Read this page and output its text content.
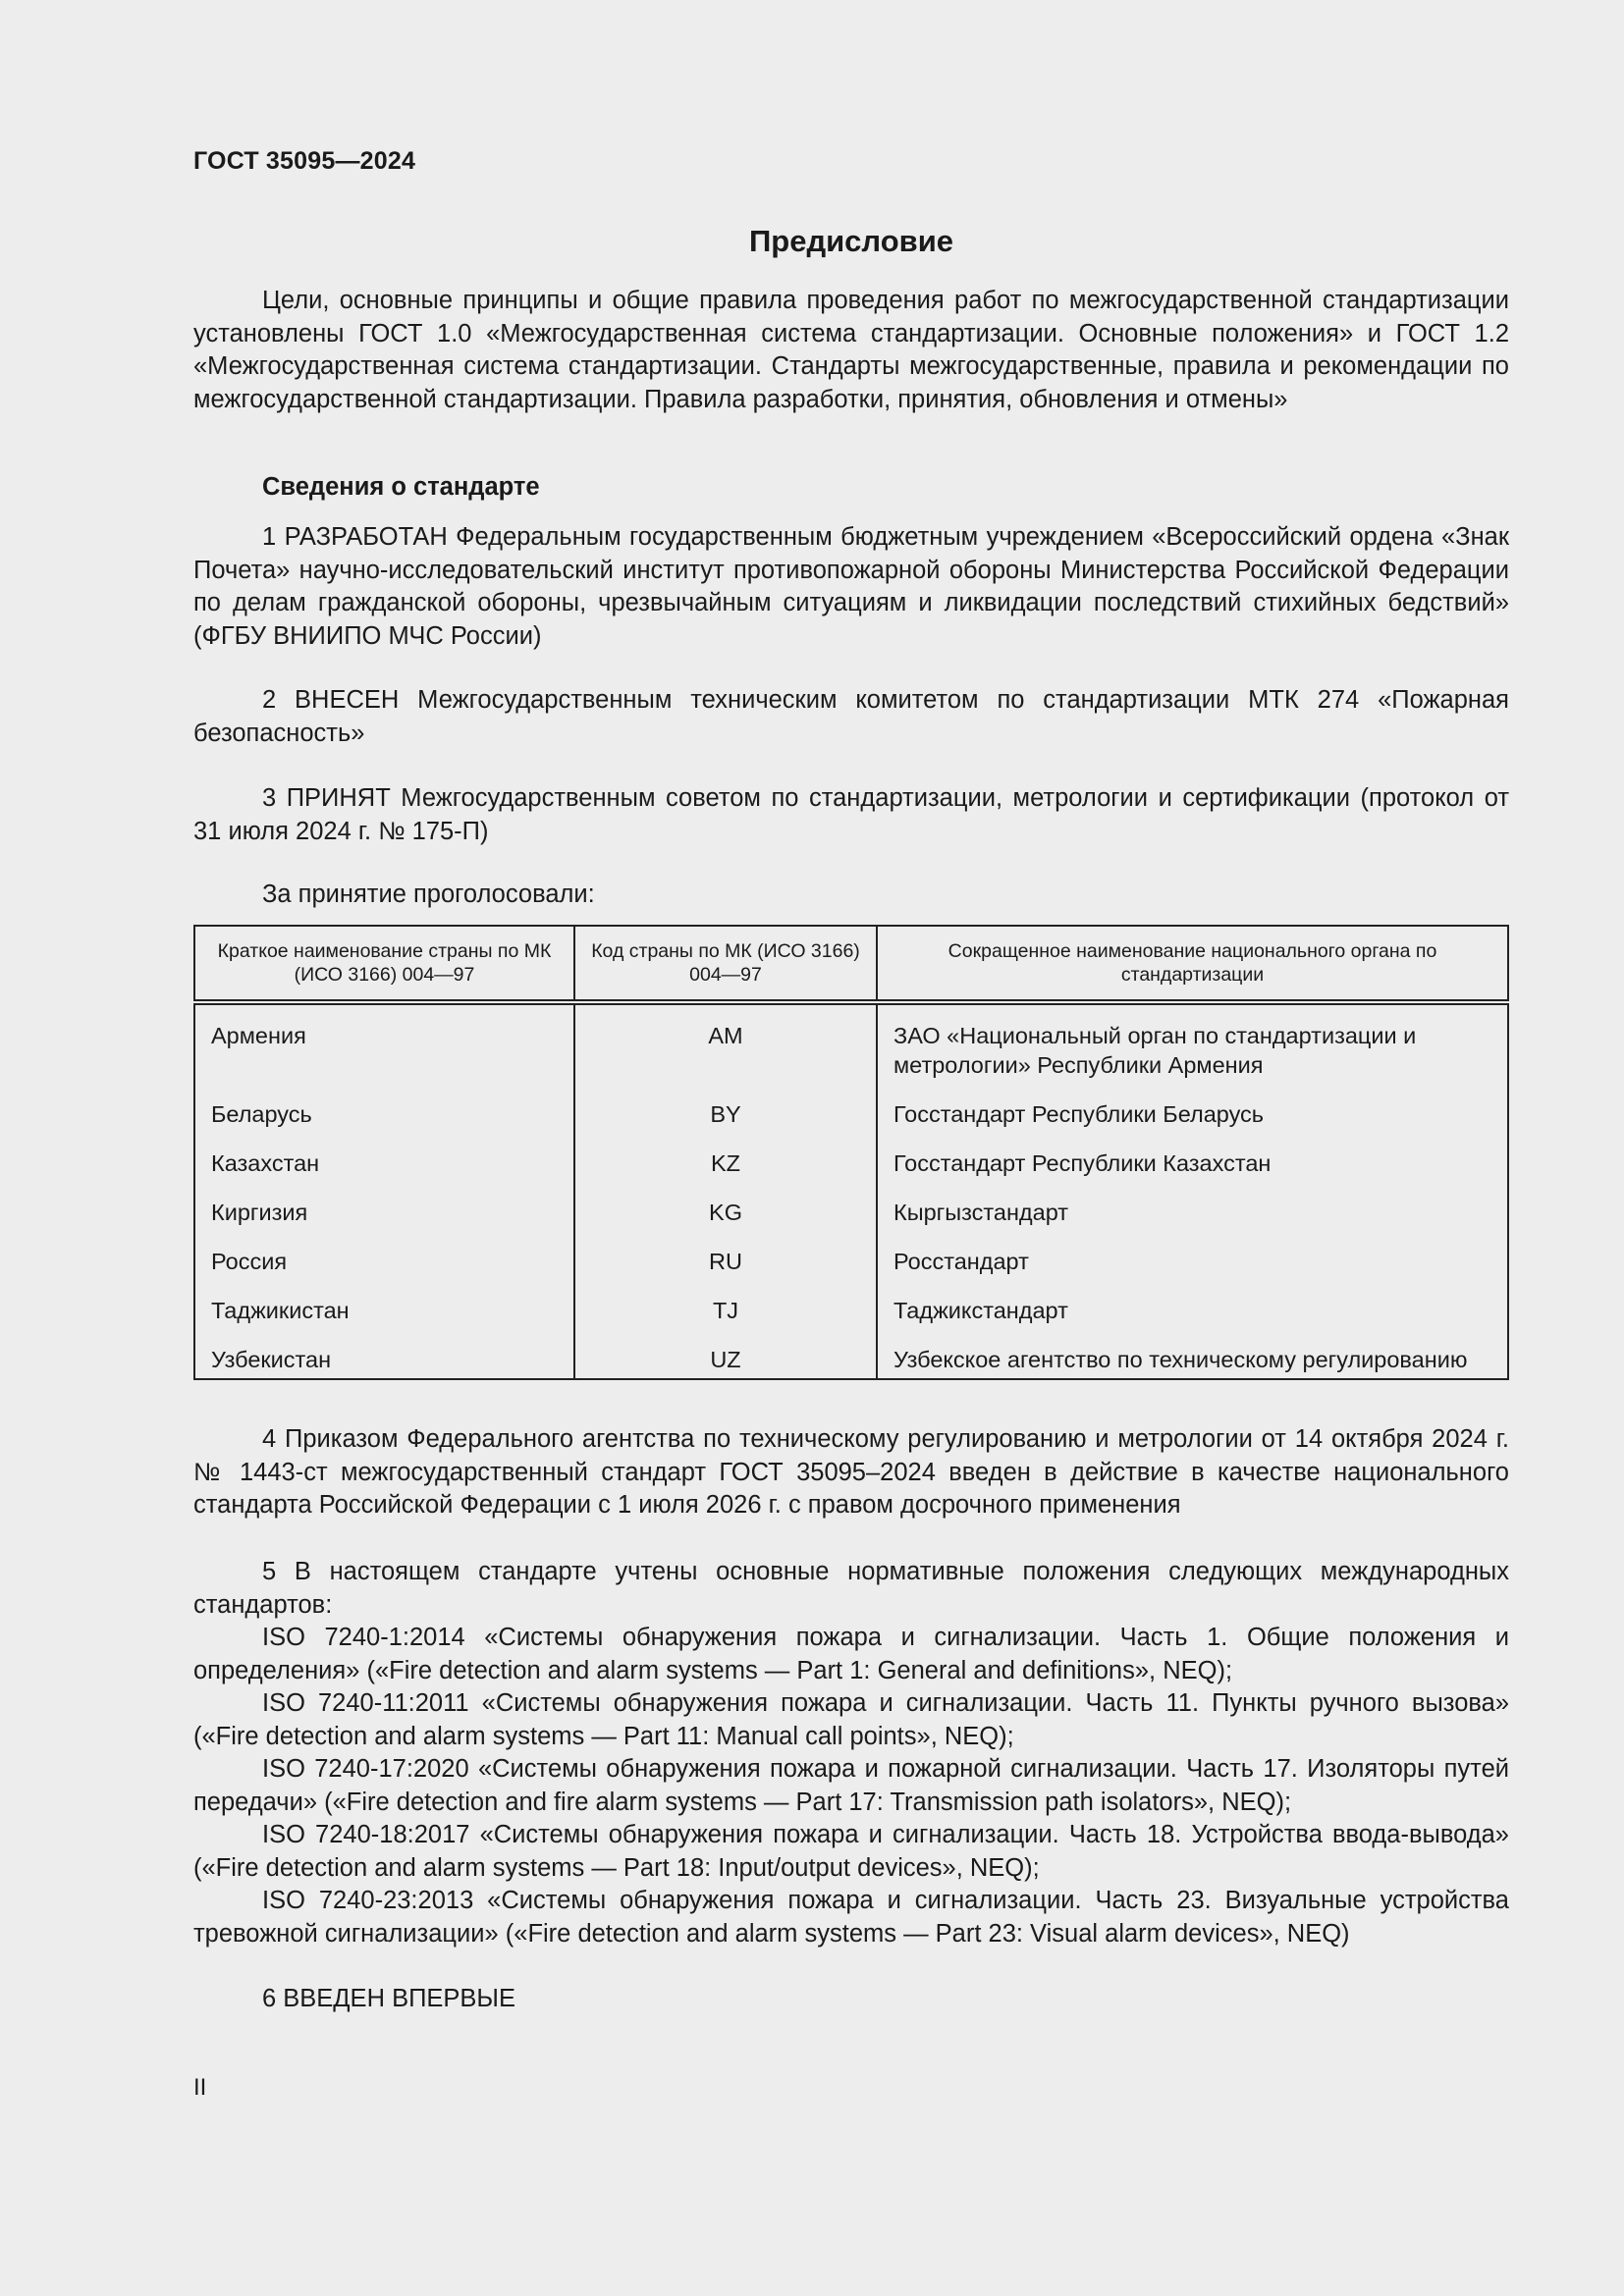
ГОСТ 35095—2024
Предисловие

Цели, основные принципы и общие правила проведения работ по межгосударственной стандартизации установлены ГОСТ 1.0 «Межгосударственная система стандартизации. Основные положения» и ГОСТ 1.2 «Межгосударственная система стандартизации. Стандарты межгосударственные, правила и рекомендации по межгосударственной стандартизации. Правила разработки, принятия, обновления и отмены»

Сведения о стандарте

1 РАЗРАБОТАН Федеральным государственным бюджетным учреждением «Всероссийский ордена «Знак Почета» научно-исследовательский институт противопожарной обороны Министерства Российской Федерации по делам гражданской обороны, чрезвычайным ситуациям и ликвидации последствий стихийных бедствий» (ФГБУ ВНИИПО МЧС России)

2 ВНЕСЕН Межгосударственным техническим комитетом по стандартизации МТК 274 «Пожарная безопасность»

3 ПРИНЯТ Межгосударственным советом по стандартизации, метрологии и сертификации (протокол от 31 июля 2024 г. № 175-П)

За принятие проголосовали:
Краткое наименование страны по МК (ИСО 3166) 004—97	Код страны по МК (ИСО 3166) 004—97	Сокращенное наименование национального органа по стандартизации
Армения	AM	ЗАО «Национальный орган по стандартизации и метрологии» Республики Армения
Беларусь	BY	Госстандарт Республики Беларусь
Казахстан	KZ	Госстандарт Республики Казахстан
Киргизия	KG	Кыргызстандарт
Россия	RU	Росстандарт
Таджикистан	TJ	Таджикстандарт
Узбекистан	UZ	Узбекское агентство по техническому регулированию

4 Приказом Федерального агентства по техническому регулированию и метрологии от 14 октября 2024 г. № 1443-ст межгосударственный стандарт ГОСТ 35095–2024 введен в действие в качестве национального стандарта Российской Федерации с 1 июля 2026 г. с правом досрочного применения

5 В настоящем стандарте учтены основные нормативные положения следующих международных стандартов:

ISO 7240-1:2014 «Системы обнаружения пожара и сигнализации. Часть 1. Общие положения и определения» («Fire detection and alarm systems — Part 1: General and definitions», NEQ);

ISO 7240-11:2011 «Системы обнаружения пожара и сигнализации. Часть 11. Пункты ручного вызова» («Fire detection and alarm systems — Part 11: Manual call points», NEQ);

ISO 7240-17:2020 «Системы обнаружения пожара и пожарной сигнализации. Часть 17. Изоляторы путей передачи» («Fire detection and fire alarm systems — Part 17: Transmission path isolators», NEQ);

ISO 7240-18:2017 «Системы обнаружения пожара и сигнализации. Часть 18. Устройства ввода-вывода» («Fire detection and alarm systems — Part 18: Input/output devices», NEQ);

ISO 7240-23:2013 «Системы обнаружения пожара и сигнализации. Часть 23. Визуальные устройства тревожной сигнализации» («Fire detection and alarm systems — Part 23: Visual alarm devices», NEQ)

6 ВВЕДЕН ВПЕРВЫЕ
II
